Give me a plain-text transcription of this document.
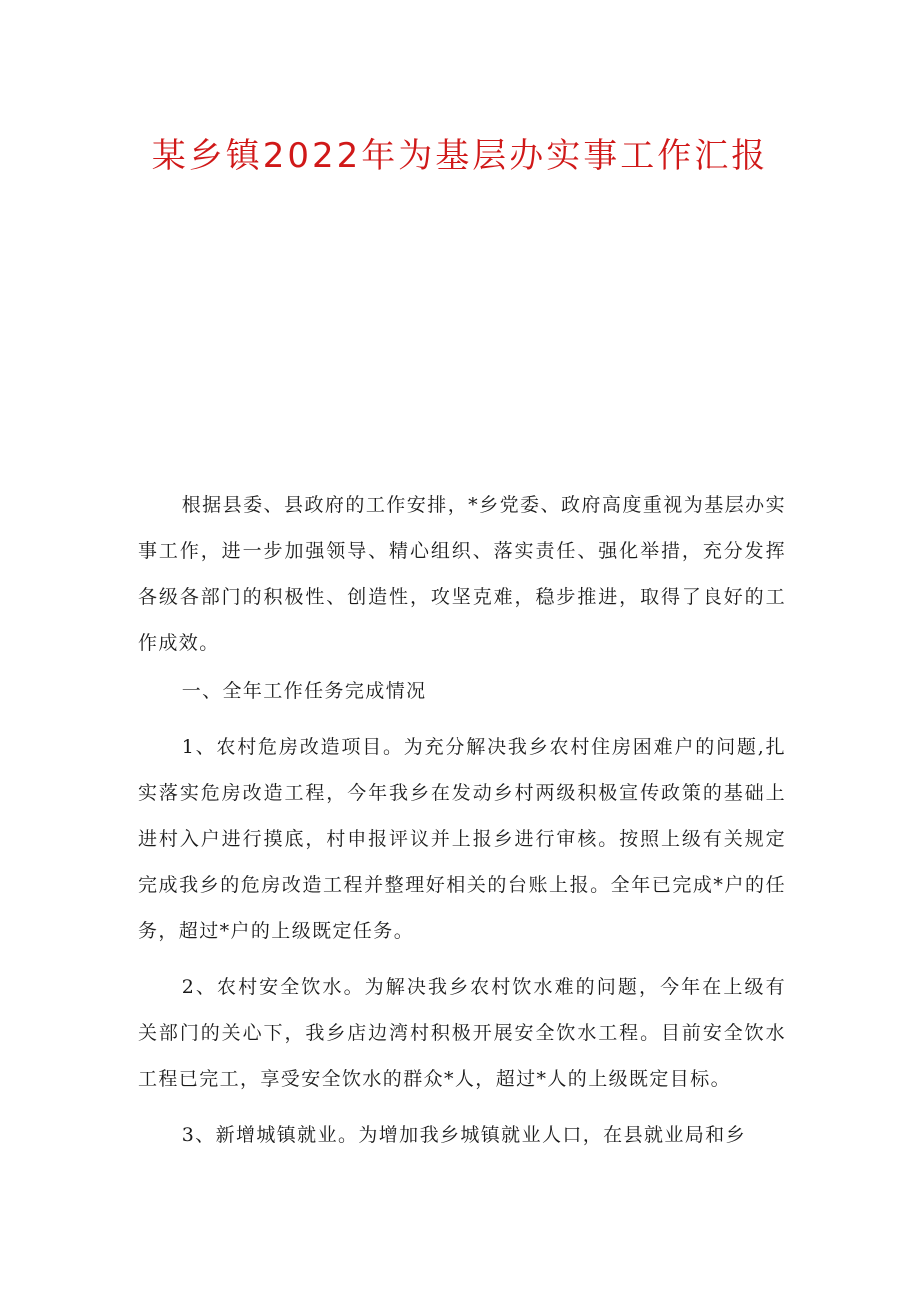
某乡镇2022年为基层办实事工作汇报

根据县委、县政府的工作安排，*乡党委、政府高度重视为基层办实事工作，进一步加强领导、精心组织、落实责任、强化举措，充分发挥各级各部门的积极性、创造性，攻坚克难，稳步推进，取得了良好的工作成效。

一、全年工作任务完成情况

1、农村危房改造项目。为充分解决我乡农村住房困难户的问题,扎实落实危房改造工程，今年我乡在发动乡村两级积极宣传政策的基础上进村入户进行摸底，村申报评议并上报乡进行审核。按照上级有关规定完成我乡的危房改造工程并整理好相关的台账上报。全年已完成*户的任务，超过*户的上级既定任务。

2、农村安全饮水。为解决我乡农村饮水难的问题，今年在上级有关部门的关心下，我乡店边湾村积极开展安全饮水工程。目前安全饮水工程已完工，享受安全饮水的群众*人，超过*人的上级既定目标。

3、新增城镇就业。为增加我乡城镇就业人口，在县就业局和乡
